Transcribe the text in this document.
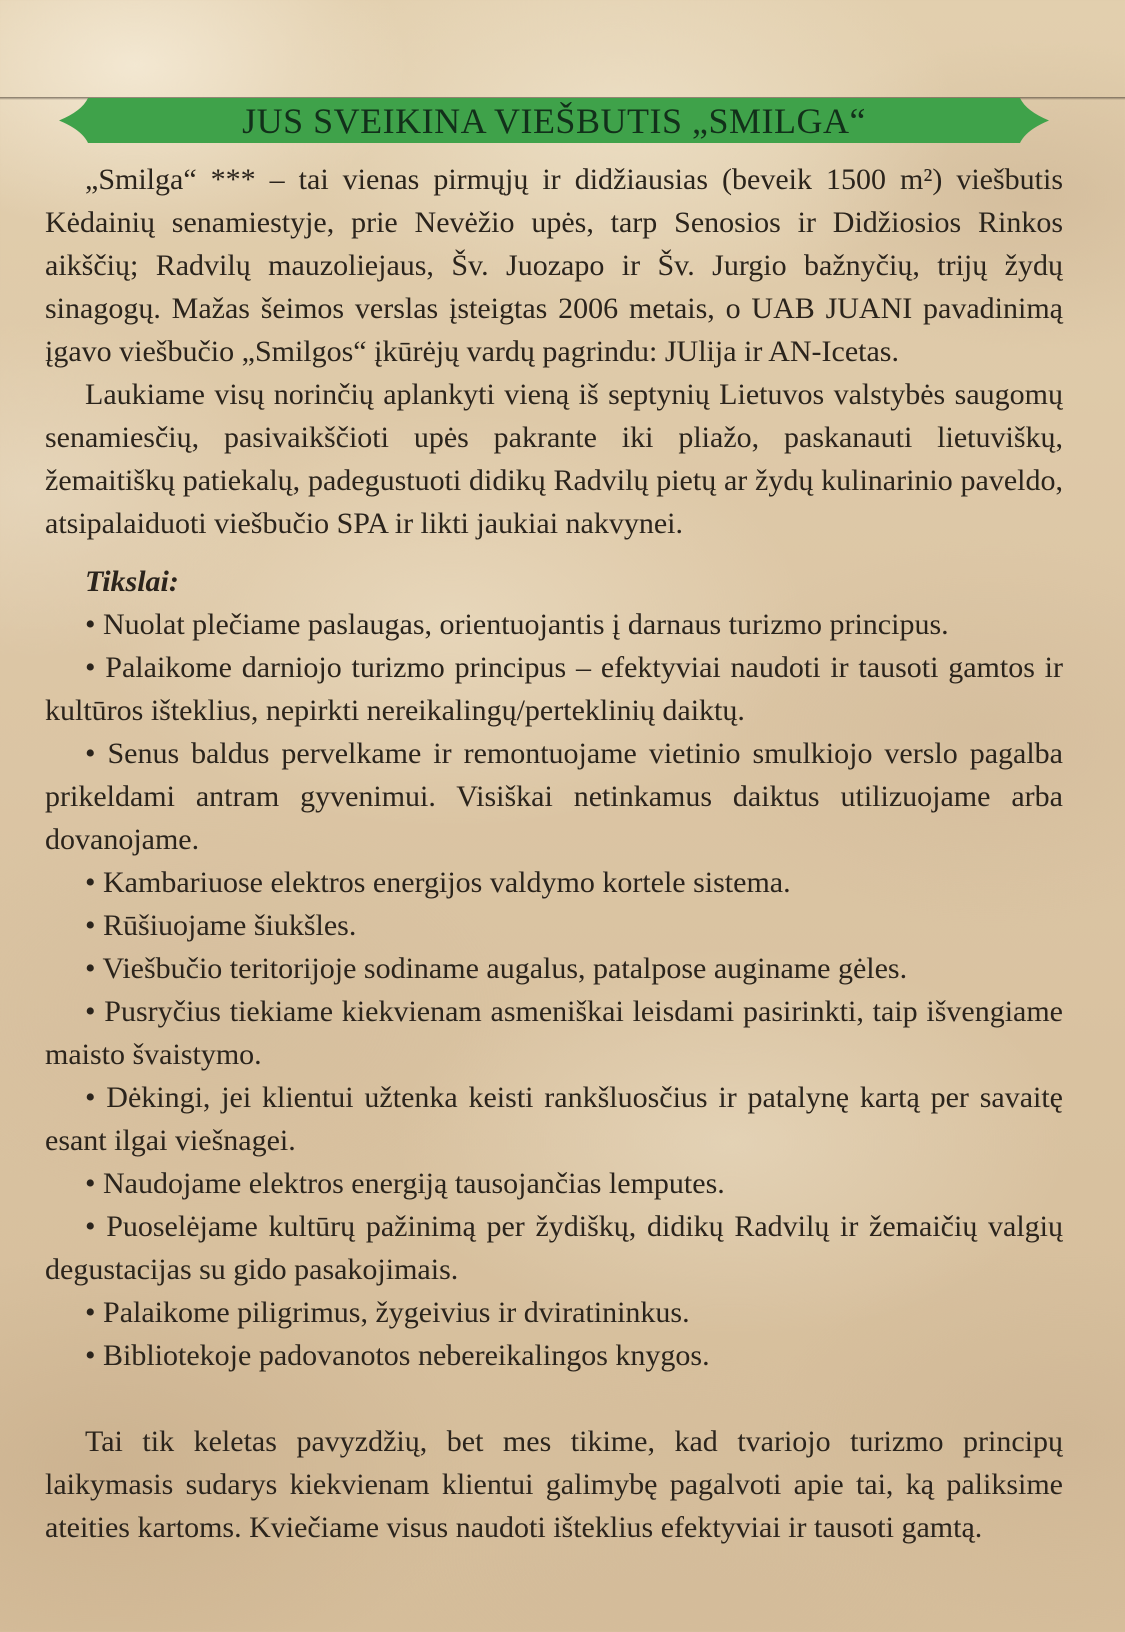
JUS SVEIKINA VIEŠBUTIS „SMILGA“

„Smilga“ *** – tai vienas pirmųjų ir didžiausias (beveik 1500 m²) viešbutis Kėdainių senamiestyje, prie Nevėžio upės, tarp Senosios ir Didžiosios Rinkos aikščių; Radvilų mauzoliejaus, Šv. Juozapo ir Šv. Jurgio bažnyčių, trijų žydų sinagogų. Mažas šeimos verslas įsteigtas 2006 metais, o UAB JUANI pavadinimą įgavo viešbučio „Smilgos“ įkūrėjų vardų pagrindu: JUlija ir AN-Icetas.

Laukiame visų norinčių aplankyti vieną iš septynių Lietuvos valstybės saugomų senamiesčių, pasivaikščioti upės pakrante iki pliažo, paskanauti lietuviškų, žemaitiškų patiekalų, padegustuoti didikų Radvilų pietų ar žydų kulinarinio paveldo, atsipalaiduoti viešbučio SPA ir likti jaukiai nakvynei.

Tikslai:

• Nuolat plečiame paslaugas, orientuojantis į darnaus turizmo principus.

• Palaikome darniojo turizmo principus – efektyviai naudoti ir tausoti gamtos ir kultūros išteklius, nepirkti nereikalingų/perteklinių daiktų.

• Senus baldus pervelkame ir remontuojame vietinio smulkiojo verslo pagalba prikeldami antram gyvenimui. Visiškai netinkamus daiktus utilizuojame arba dovanojame.

• Kambariuose elektros energijos valdymo kortele sistema.

• Rūšiuojame šiukšles.

• Viešbučio teritorijoje sodiname augalus, patalpose auginame gėles.

• Pusryčius tiekiame kiekvienam asmeniškai leisdami pasirinkti, taip išvengiame maisto švaistymo.

• Dėkingi, jei klientui užtenka keisti rankšluosčius ir patalynę kartą per savaitę esant ilgai viešnagei.

• Naudojame elektros energiją tausojančias lemputes.

• Puoselėjame kultūrų pažinimą per žydiškų, didikų Radvilų ir žemaičių valgių degustacijas su gido pasakojimais.

• Palaikome piligrimus, žygeivius ir dviratininkus.

• Bibliotekoje padovanotos nebereikalingos knygos.

Tai tik keletas pavyzdžių, bet mes tikime, kad tvariojo turizmo principų laikymasis sudarys kiekvienam klientui galimybę pagalvoti apie tai, ką paliksime ateities kartoms. Kviečiame visus naudoti išteklius efektyviai ir tausoti gamtą.
